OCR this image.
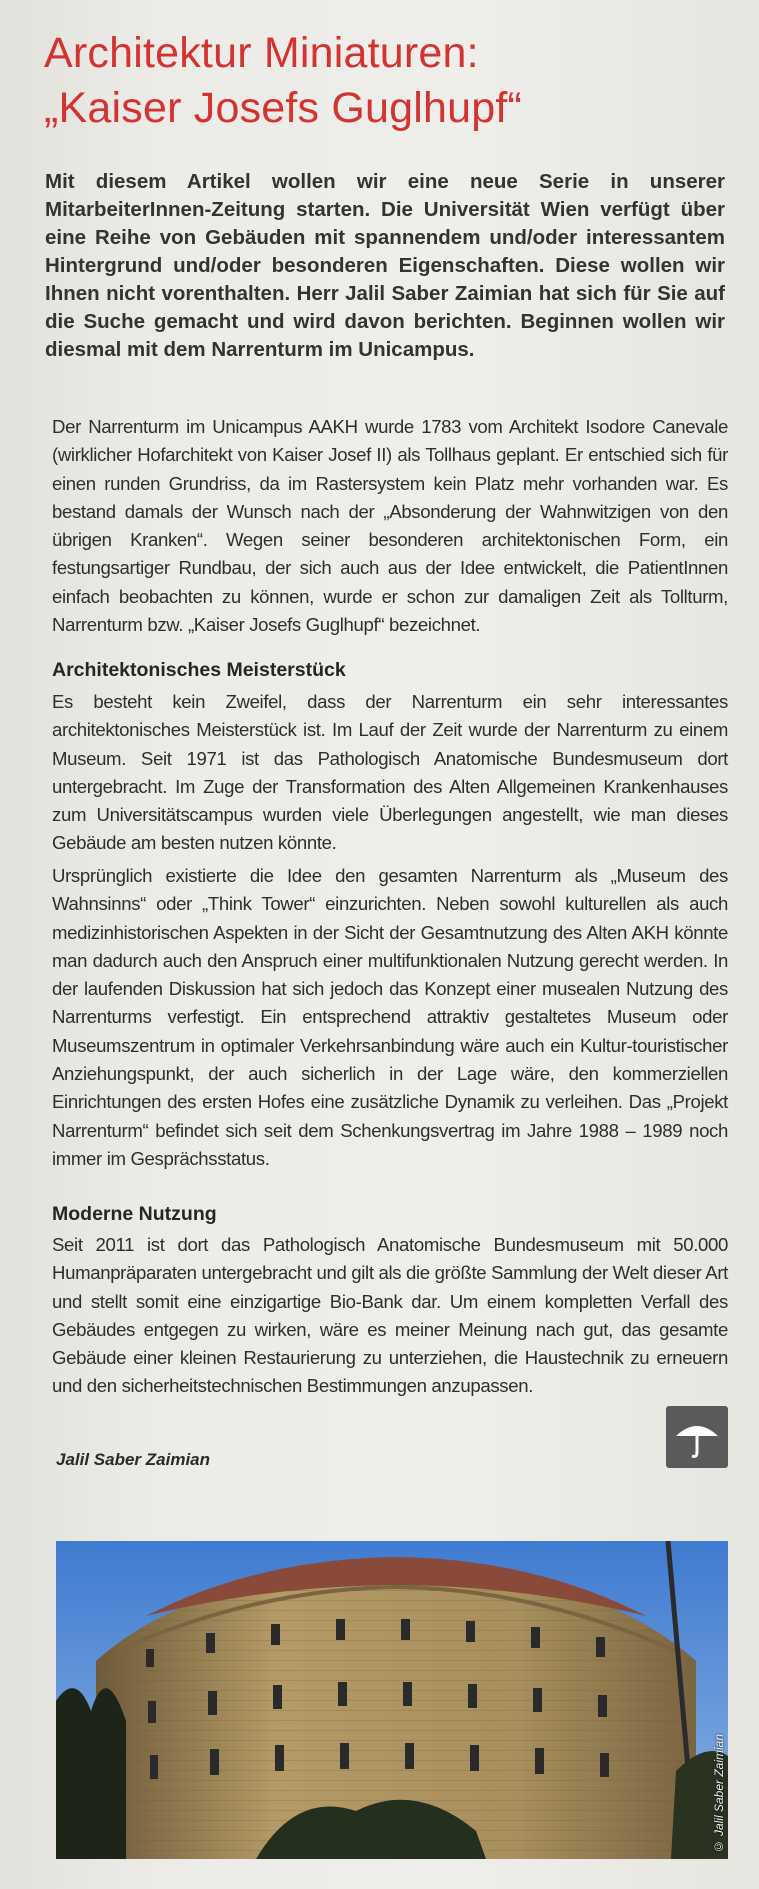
Architektur Miniaturen:
„Kaiser Josefs Guglhupf“

Mit diesem Artikel wollen wir eine neue Serie in unserer MitarbeiterInnen-Zeitung starten. Die Universität Wien verfügt über eine Reihe von Gebäuden mit spannendem und/oder interessantem Hintergrund und/oder besonderen Eigenschaften. Diese wollen wir Ihnen nicht vorenthalten. Herr Jalil Saber Zaimian hat sich für Sie auf die Suche gemacht und wird davon berichten. Beginnen wollen wir diesmal mit dem Narrenturm im Unicampus.

Der Narrenturm im Unicampus AAKH wurde 1783 vom Architekt Isodore Canevale (wirklicher Hofarchitekt von Kaiser Josef II) als Tollhaus geplant. Er entschied sich für einen runden Grundriss, da im Rastersystem kein Platz mehr vorhanden war. Es bestand damals der Wunsch nach der „Absonderung der Wahnwitzigen von den übrigen Kranken“. Wegen seiner besonderen architektonischen Form, ein festungsartiger Rundbau, der sich auch aus der Idee entwickelt, die PatientInnen einfach beobachten zu können, wurde er schon zur damaligen Zeit als Tollturm, Narrenturm bzw. „Kaiser Josefs Guglhupf“ bezeichnet.

Architektonisches Meisterstück

Es besteht kein Zweifel, dass der Narrenturm ein sehr interessantes architektonisches Meisterstück ist. Im Lauf der Zeit wurde der Narrenturm zu einem Museum. Seit 1971 ist das Pathologisch Anatomische Bundesmuseum dort untergebracht. Im Zuge der Transformation des Alten Allgemeinen Krankenhauses zum Universitätscampus wurden viele Überlegungen angestellt, wie man dieses Gebäude am besten nutzen könnte.

Ursprünglich existierte die Idee den gesamten Narrenturm als „Museum des Wahnsinns“ oder „Think Tower“ einzurichten. Neben sowohl kulturellen als auch medizinhistorischen Aspekten in der Sicht der Gesamtnutzung des Alten AKH könnte man dadurch auch den Anspruch einer multifunktionalen Nutzung gerecht werden. In der laufenden Diskussion hat sich jedoch das Konzept einer musealen Nutzung des Narrenturms verfestigt. Ein entsprechend attraktiv gestaltetes Museum oder Museumszentrum in optimaler Verkehrsanbindung wäre auch ein Kultur-touristischer Anziehungspunkt, der auch sicherlich in der Lage wäre, den kommerziellen Einrichtungen des ersten Hofes eine zusätzliche Dynamik zu verleihen. Das „Projekt Narrenturm“ befindet sich seit dem Schenkungsvertrag im Jahre 1988 – 1989 noch immer im Gesprächsstatus.

Moderne Nutzung

Seit 2011 ist dort das Pathologisch Anatomische Bundesmuseum mit 50.000 Humanpräparaten untergebracht und gilt als die größte Sammlung der Welt dieser Art und stellt somit eine einzigartige Bio-Bank dar. Um einem kompletten Verfall des Gebäudes entgegen zu wirken, wäre es meiner Meinung nach gut, das gesamte Gebäude einer kleinen Restaurierung zu unterziehen, die Haustechnik zu erneuern und den sicherheitstechnischen Bestimmungen anzupassen.

Jalil Saber Zaimian
© Jalil Saber Zaimian
